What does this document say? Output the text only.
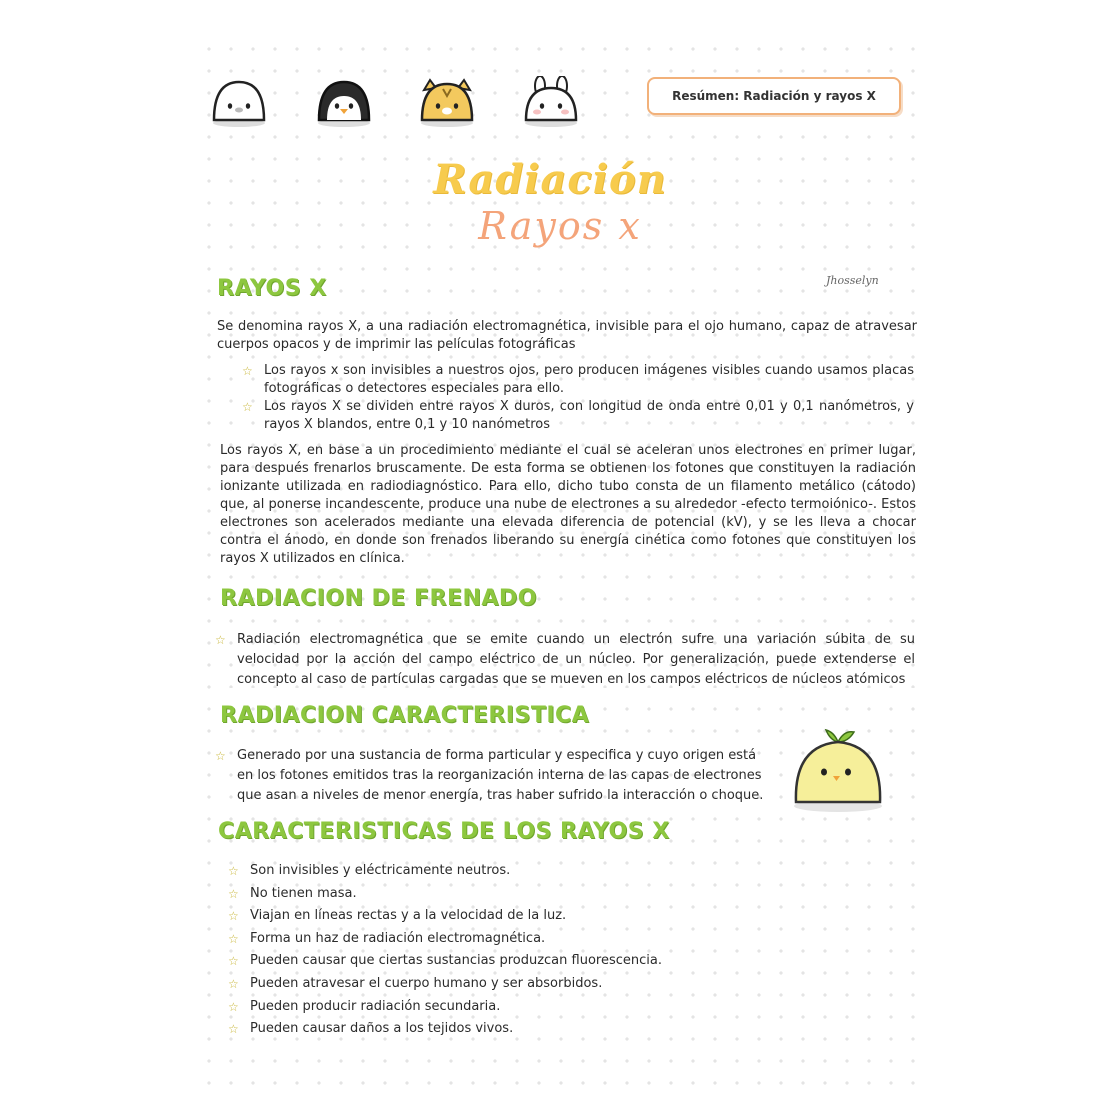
Resúmen: Radiación y rayos X
Radiación
Rayos x
Jhosselyn
RAYOS X

Se denomina rayos X, a una radiación electromagnética, invisible para el ojo humano, capaz de atravesar cuerpos opacos y de imprimir las películas fotográficas

☆ Los rayos x son invisibles a nuestros ojos, pero producen imágenes visibles cuando usamos placas fotográficas o detectores especiales para ello.
☆ Los rayos X se dividen entre rayos X duros, con longitud de onda entre 0,01 y 0,1 nanómetros, y rayos X blandos, entre 0,1 y 10 nanómetros

Los rayos X, en base a un procedimiento mediante el cual se aceleran unos electrones en primer lugar, para después frenarlos bruscamente. De esta forma se obtienen los fotones que constituyen la radiación ionizante utilizada en radiodiagnóstico. Para ello, dicho tubo consta de un filamento metálico (cátodo) que, al ponerse incandescente, produce una nube de electrones a su alrededor -efecto termoiónico-. Estos electrones son acelerados mediante una elevada diferencia de potencial (kV), y se les lleva a chocar contra el ánodo, en donde son frenados liberando su energía cinética como fotones que constituyen los rayos X utilizados en clínica.

RADIACION DE FRENADO
☆ Radiación electromagnética que se emite cuando un electrón sufre una variación súbita de su velocidad por la acción del campo eléctrico de un núcleo. Por generalización, puede extenderse el concepto al caso de partículas cargadas que se mueven en los campos eléctricos de núcleos atómicos
RADIACION CARACTERISTICA
☆ Generado por una sustancia de forma particular y especifica y cuyo origen está en los fotones emitidos tras la reorganización interna de las capas de electrones que asan a niveles de menor energía, tras haber sufrido la interacción o choque.
CARACTERISTICAS DE LOS RAYOS X
☆ Son invisibles y eléctricamente neutros.
☆ No tienen masa.
☆ Viajan en líneas rectas y a la velocidad de la luz.
☆ Forma un haz de radiación electromagnética.
☆ Pueden causar que ciertas sustancias produzcan fluorescencia.
☆ Pueden atravesar el cuerpo humano y ser absorbidos.
☆ Pueden producir radiación secundaria.
☆ Pueden causar daños a los tejidos vivos.
